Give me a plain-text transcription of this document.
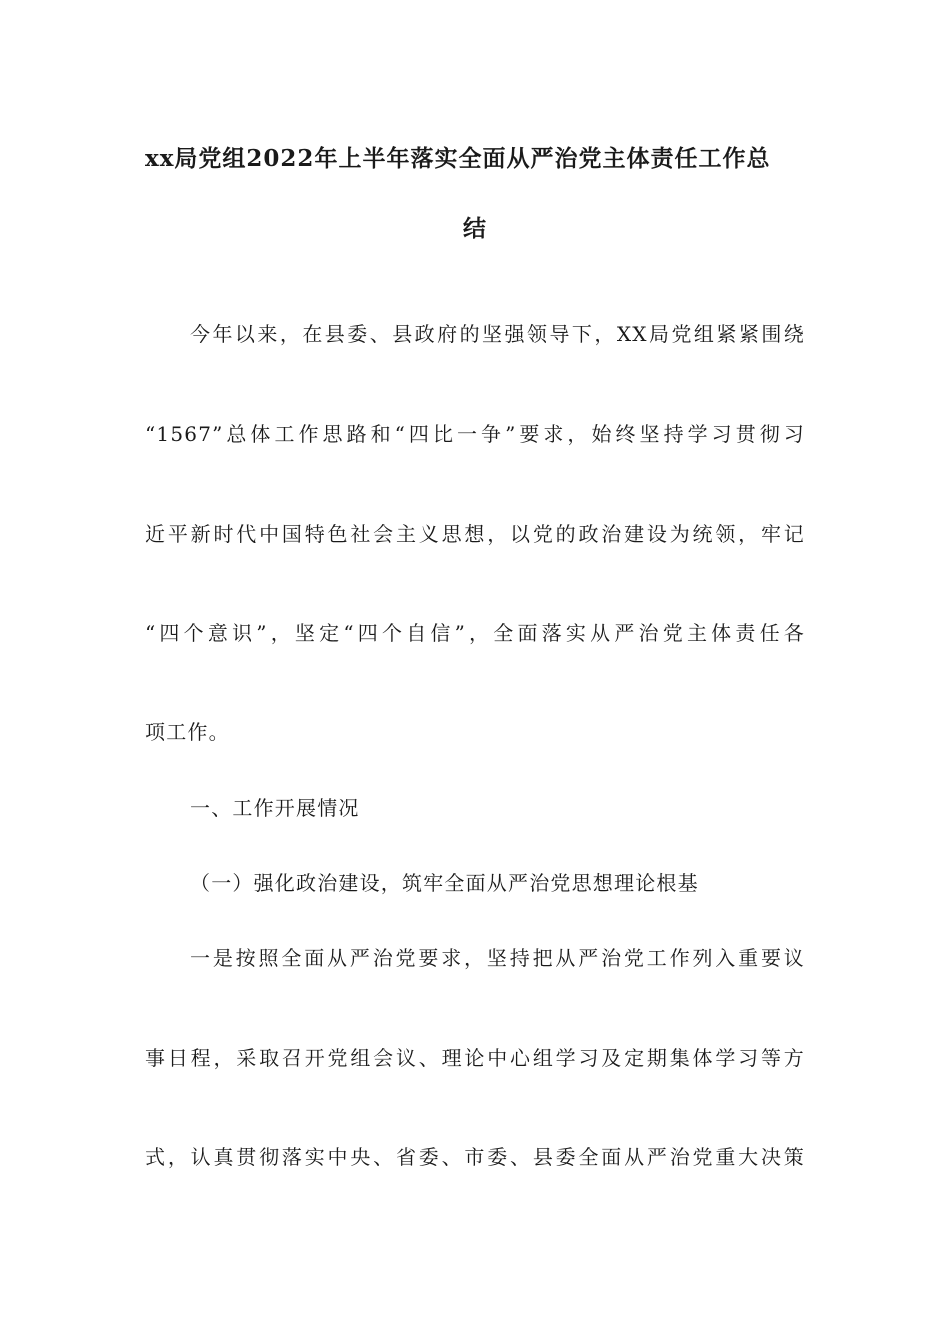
xx局党组2022年上半年落实全面从严治党主体责任工作总
结
今年以来，在县委、县政府的坚强领导下，XX局党组紧紧围绕
“1567”总体工作思路和“四比一争”要求，始终坚持学习贯彻习
近平新时代中国特色社会主义思想，以党的政治建设为统领，牢记
“四个意识”，坚定“四个自信”，全面落实从严治党主体责任各
项工作。
一、工作开展情况
（一）强化政治建设，筑牢全面从严治党思想理论根基
一是按照全面从严治党要求，坚持把从严治党工作列入重要议
事日程，采取召开党组会议、理论中心组学习及定期集体学习等方
式，认真贯彻落实中央、省委、市委、县委全面从严治党重大决策
